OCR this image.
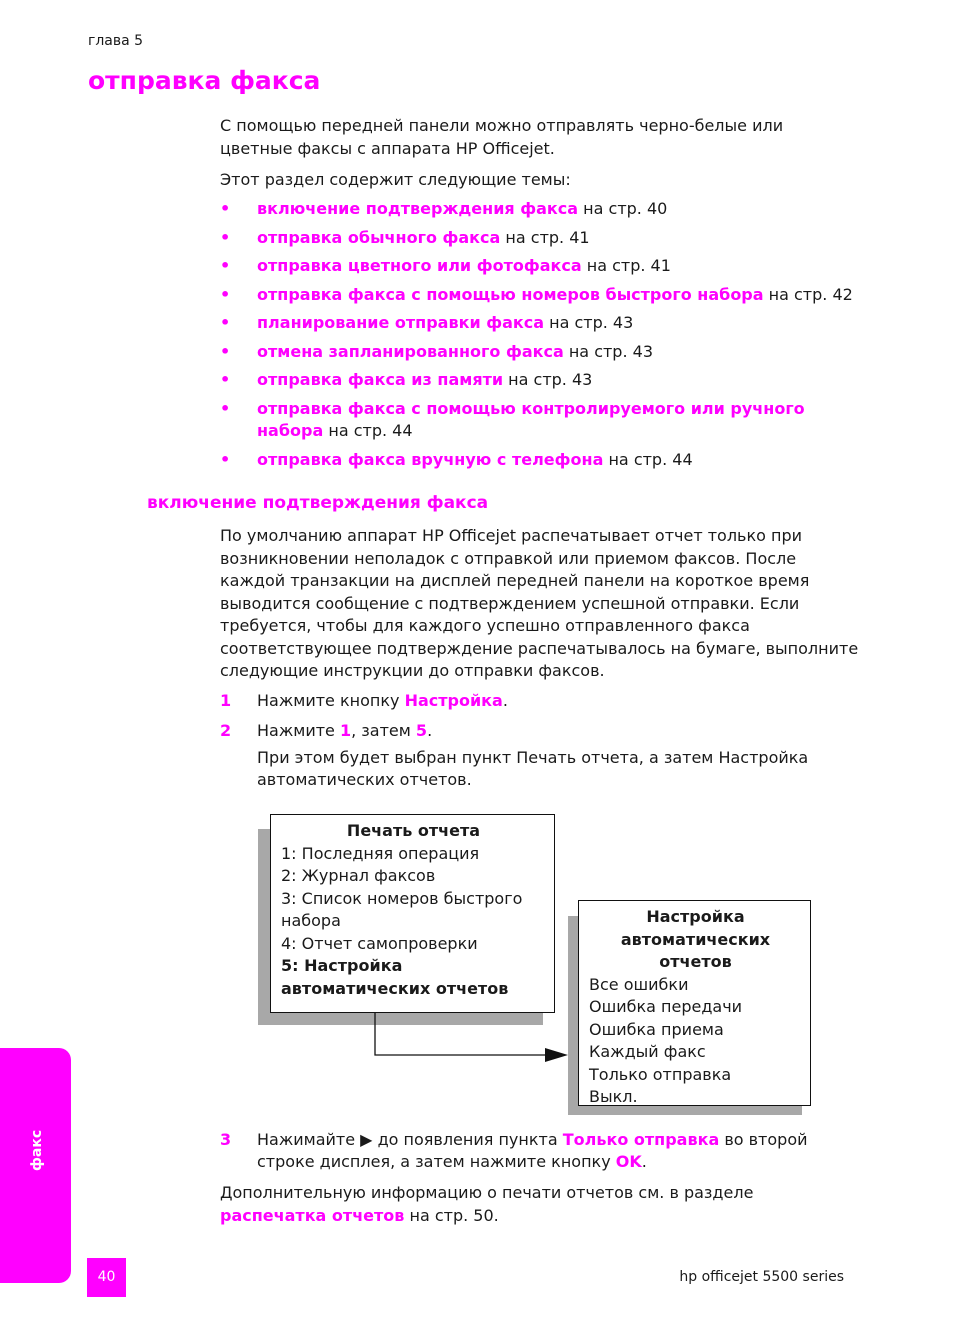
глава 5
отправка факса
С помощью передней панели можно отправлять черно-белые или цветные факсы с аппарата HP Officejet.
Этот раздел содержит следующие темы:
• включение подтверждения факса на стр. 40
• отправка обычного факса на стр. 41
• отправка цветного или фотофакса на стр. 41
• отправка факса с помощью номеров быстрого набора на стр. 42
• планирование отправки факса на стр. 43
• отмена запланированного факса на стр. 43
• отправка факса из памяти на стр. 43
• отправка факса с помощью контролируемого или ручного набора на стр. 44
• отправка факса вручную с телефона на стр. 44
включение подтверждения факса
По умолчанию аппарат HP Officejet распечатывает отчет только при возникновении неполадок с отправкой или приемом факсов. После каждой транзакции на дисплей передней панели на короткое время выводится сообщение с подтверждением успешной отправки. Если требуется, чтобы для каждого успешно отправленного факса соответствующее подтверждение распечатывалось на бумаге, выполните следующие инструкции до отправки факсов.
1 Нажмите кнопку Настройка.
2 Нажмите 1, затем 5.
При этом будет выбран пункт Печать отчета, а затем Настройка автоматических отчетов.
Печать отчета
1: Последняя операция
2: Журнал факсов
3: Список номеров быстрого набора
4: Отчет самопроверки
5: Настройка автоматических отчетов
Настройка автоматических отчетов
Все ошибки
Ошибка передачи
Ошибка приема
Каждый факс
Только отправка
Выкл.
3 Нажимайте ▶ до появления пункта Только отправка во второй строке дисплея, а затем нажмите кнопку OK.
Дополнительную информацию о печати отчетов см. в разделе распечатка отчетов на стр. 50.
факс
40	hp officejet 5500 series
